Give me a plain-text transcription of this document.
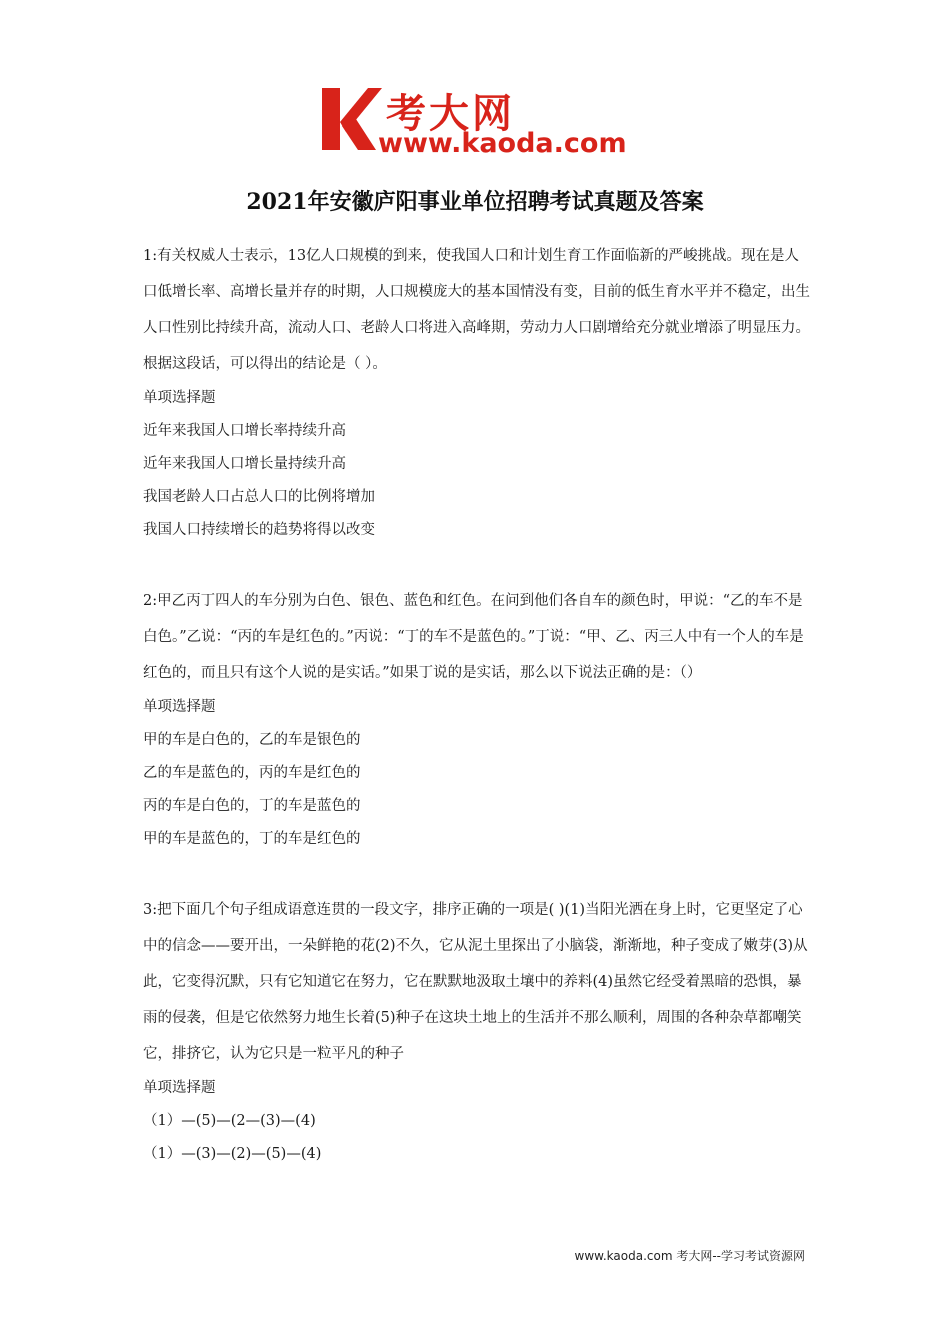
考大网
www.kaoda.com
2021年安徽庐阳事业单位招聘考试真题及答案

1:有关权威人士表示，13亿人口规模的到来，使我国人口和计划生育工作面临新的严峻挑战。现在是人口低增长率、高增长量并存的时期，人口规模庞大的基本国情没有变，目前的低生育水平并不稳定，出生人口性别比持续升高，流动人口、老龄人口将进入高峰期，劳动力人口剧增给充分就业增添了明显压力。根据这段话，可以得出的结论是（ ）。

单项选择题

近年来我国人口增长率持续升高

近年来我国人口增长量持续升高

我国老龄人口占总人口的比例将增加

我国人口持续增长的趋势将得以改变

2:甲乙丙丁四人的车分别为白色、银色、蓝色和红色。在问到他们各自车的颜色时，甲说：“乙的车不是白色。”乙说：“丙的车是红色的。”丙说：“丁的车不是蓝色的。”丁说：“甲、乙、丙三人中有一个人的车是红色的，而且只有这个人说的是实话。”如果丁说的是实话，那么以下说法正确的是：（）

单项选择题

甲的车是白色的，乙的车是银色的

乙的车是蓝色的，丙的车是红色的

丙的车是白色的，丁的车是蓝色的

甲的车是蓝色的，丁的车是红色的

3:把下面几个句子组成语意连贯的一段文字，排序正确的一项是( )(1)当阳光洒在身上时，它更坚定了心中的信念——要开出，一朵鲜艳的花(2)不久，它从泥土里探出了小脑袋，渐渐地，种子变成了嫩芽(3)从此，它变得沉默，只有它知道它在努力，它在默默地汲取土壤中的养料(4)虽然它经受着黑暗的恐惧，暴雨的侵袭，但是它依然努力地生长着(5)种子在这块土地上的生活并不那么顺利，周围的各种杂草都嘲笑它，排挤它，认为它只是一粒平凡的种子

单项选择题

（1）—(5)—(2—(3)—(4)

（1）—(3)—(2)—(5)—(4)

www.kaoda.com 考大网--学习考试资源网
